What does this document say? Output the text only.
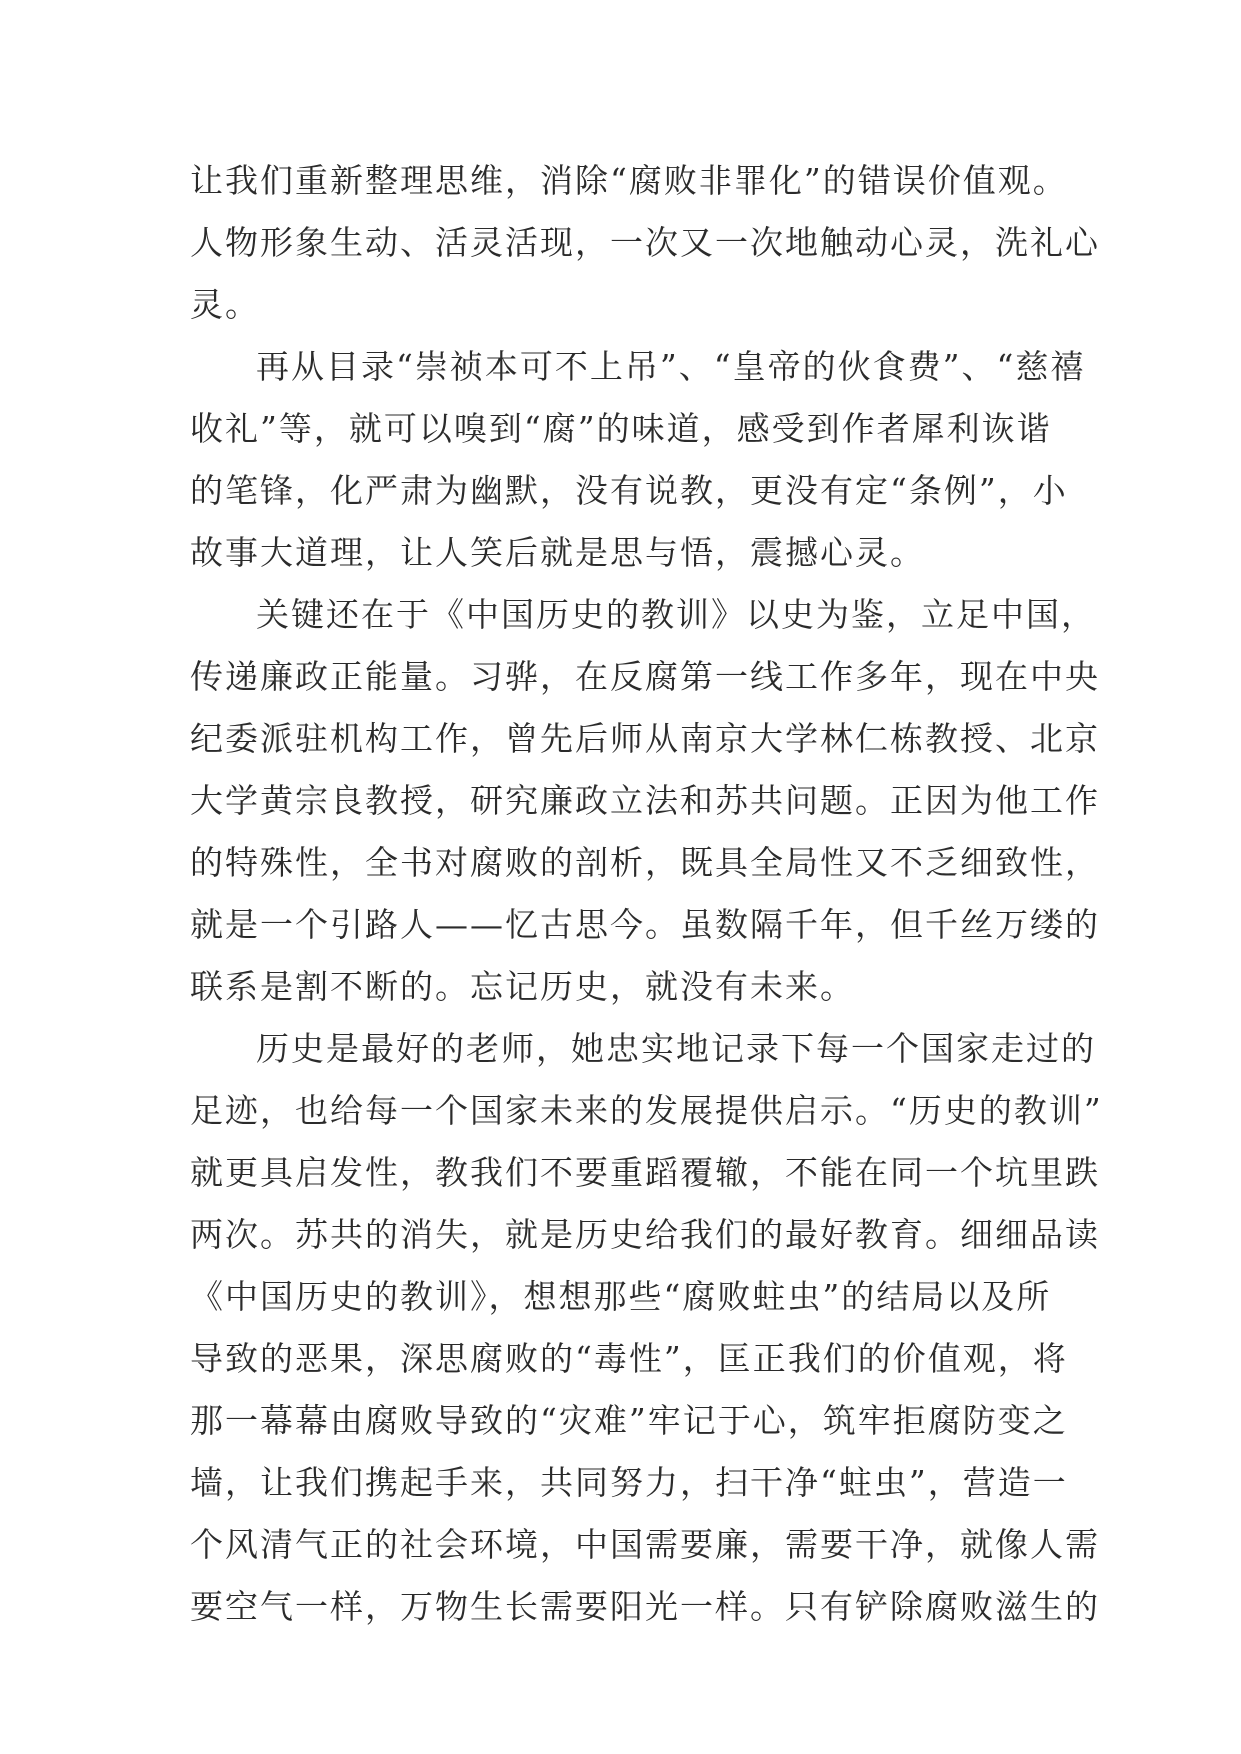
让我们重新整理思维，消除“腐败非罪化”的错误价值观。
人物形象生动、活灵活现，一次又一次地触动心灵，洗礼心
灵。
再从目录“崇祯本可不上吊”、“皇帝的伙食费”、“慈禧
收礼”等，就可以嗅到“腐”的味道，感受到作者犀利诙谐
的笔锋，化严肃为幽默，没有说教，更没有定“条例”，小
故事大道理，让人笑后就是思与悟，震撼心灵。
关键还在于《中国历史的教训》以史为鉴，立足中国，
传递廉政正能量。习骅，在反腐第一线工作多年，现在中央
纪委派驻机构工作，曾先后师从南京大学林仁栋教授、北京
大学黄宗良教授，研究廉政立法和苏共问题。正因为他工作
的特殊性，全书对腐败的剖析，既具全局性又不乏细致性，
就是一个引路人——忆古思今。虽数隔千年，但千丝万缕的
联系是割不断的。忘记历史，就没有未来。
历史是最好的老师，她忠实地记录下每一个国家走过的
足迹，也给每一个国家未来的发展提供启示。“历史的教训”
就更具启发性，教我们不要重蹈覆辙，不能在同一个坑里跌
两次。苏共的消失，就是历史给我们的最好教育。细细品读
《中国历史的教训》，想想那些“腐败蛀虫”的结局以及所
导致的恶果，深思腐败的“毒性”，匡正我们的价值观，将
那一幕幕由腐败导致的“灾难”牢记于心，筑牢拒腐防变之
墙，让我们携起手来，共同努力，扫干净“蛀虫”，营造一
个风清气正的社会环境，中国需要廉，需要干净，就像人需
要空气一样，万物生长需要阳光一样。只有铲除腐败滋生的
